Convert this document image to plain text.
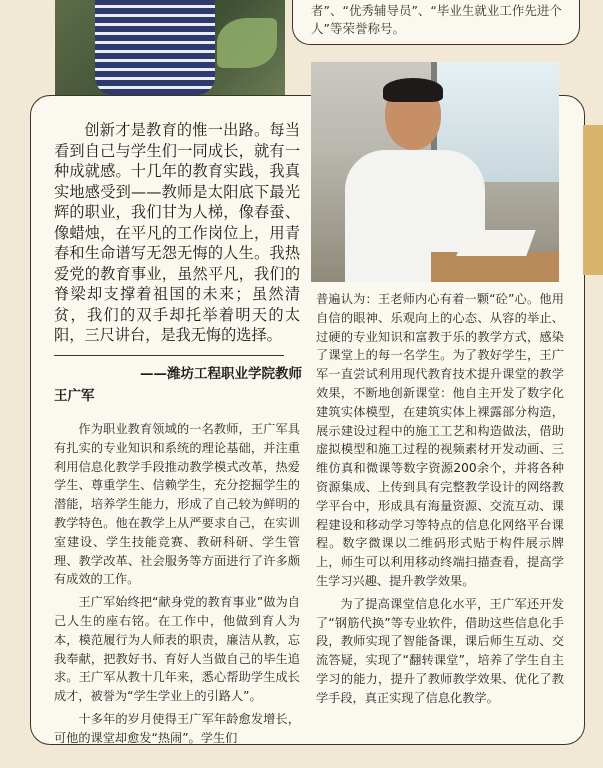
者”、“优秀辅导员”、“毕业生就业工作先进个人”等荣誉称号。

创新才是教育的惟一出路。每当看到自己与学生们一同成长，就有一种成就感。十几年的教育实践，我真实地感受到——教师是太阳底下最光辉的职业，我们甘为人梯，像春蚕、像蜡烛，在平凡的工作岗位上，用青春和生命谱写无怨无悔的人生。我热爱党的教育事业，虽然平凡，我们的脊梁却支撑着祖国的未来；虽然清贫，我们的双手却托举着明天的太阳，三尺讲台，是我无悔的选择。

——潍坊工程职业学院教师
王广军

作为职业教育领域的一名教师，王广军具有扎实的专业知识和系统的理论基础，并注重利用信息化教学手段推动教学模式改革，热爱学生、尊重学生、信赖学生，充分挖掘学生的潜能，培养学生能力，形成了自己较为鲜明的教学特色。他在教学上从严要求自己，在实训室建设、学生技能竞赛、教研科研、学生管理、教学改革、社会服务等方面进行了许多颇有成效的工作。

王广军始终把“献身党的教育事业”做为自己人生的座右铭。在工作中，他做到育人为本，模范履行为人师表的职责，廉洁从教，忘我奉献，把教好书、育好人当做自己的毕生追求。王广军从教十几年来，悉心帮助学生成长成才，被誉为“学生学业上的引路人”。

十多年的岁月使得王广军年龄愈发增长，可他的课堂却愈发“热闹”。学生们

普遍认为：王老师内心有着一颗“砼”心。他用自信的眼神、乐观向上的心态、从容的举止、过硬的专业知识和富教于乐的教学方式，感染了课堂上的每一名学生。为了教好学生，王广军一直尝试利用现代教育技术提升课堂的教学效果，不断地创新课堂：他自主开发了数字化建筑实体模型，在建筑实体上裸露部分构造，展示建设过程中的施工工艺和构造做法，借助虚拟模型和施工过程的视频素材开发动画、三维仿真和微课等数字资源200余个，并将各种资源集成、上传到具有完整教学设计的网络教学平台中，形成具有海量资源、交流互动、课程建设和移动学习等特点的信息化网络平台课程。数字微课以二维码形式贴于构件展示牌上，师生可以利用移动终端扫描查看，提高学生学习兴趣、提升教学效果。

为了提高课堂信息化水平，王广军还开发了“钢筋代换”等专业软件，借助这些信息化手段，教师实现了智能备课，课后师生互动、交流答疑，实现了“翻转课堂”，培养了学生自主学习的能力，提升了教师教学效果、优化了教学手段，真正实现了信息化教学。
